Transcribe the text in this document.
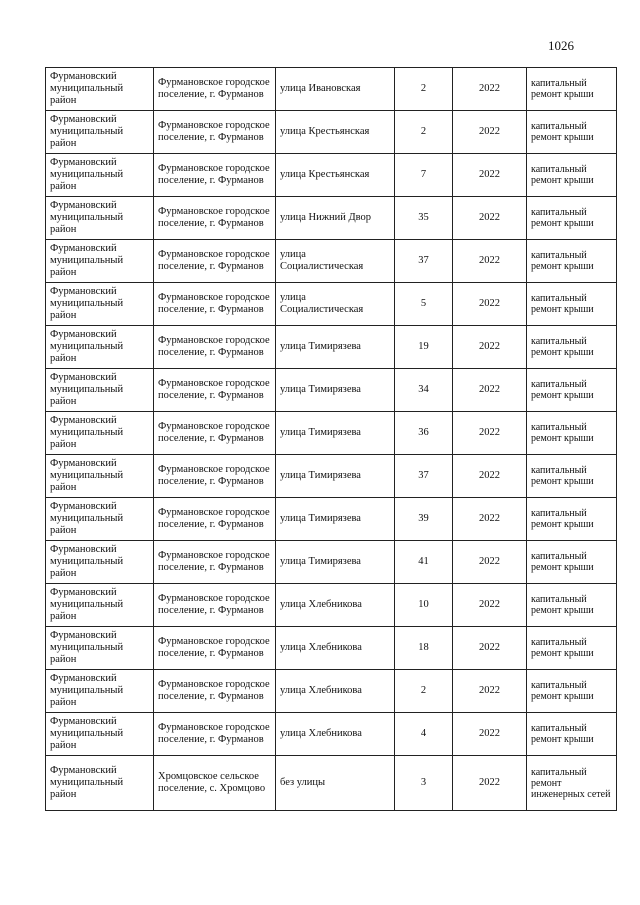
1026
Фурмановский муниципальный район	Фурмановское городское поселение, г. Фурманов	улица Ивановская	2	2022	капитальный ремонт крыши
Фурмановский муниципальный район	Фурмановское городское поселение, г. Фурманов	улица Крестьянская	2	2022	капитальный ремонт крыши
Фурмановский муниципальный район	Фурмановское городское поселение, г. Фурманов	улица Крестьянская	7	2022	капитальный ремонт крыши
Фурмановский муниципальный район	Фурмановское городское поселение, г. Фурманов	улица Нижний Двор	35	2022	капитальный ремонт крыши
Фурмановский муниципальный район	Фурмановское городское поселение, г. Фурманов	улица Социалистическая	37	2022	капитальный ремонт крыши
Фурмановский муниципальный район	Фурмановское городское поселение, г. Фурманов	улица Социалистическая	5	2022	капитальный ремонт крыши
Фурмановский муниципальный район	Фурмановское городское поселение, г. Фурманов	улица Тимирязева	19	2022	капитальный ремонт крыши
Фурмановский муниципальный район	Фурмановское городское поселение, г. Фурманов	улица Тимирязева	34	2022	капитальный ремонт крыши
Фурмановский муниципальный район	Фурмановское городское поселение, г. Фурманов	улица Тимирязева	36	2022	капитальный ремонт крыши
Фурмановский муниципальный район	Фурмановское городское поселение, г. Фурманов	улица Тимирязева	37	2022	капитальный ремонт крыши
Фурмановский муниципальный район	Фурмановское городское поселение, г. Фурманов	улица Тимирязева	39	2022	капитальный ремонт крыши
Фурмановский муниципальный район	Фурмановское городское поселение, г. Фурманов	улица Тимирязева	41	2022	капитальный ремонт крыши
Фурмановский муниципальный район	Фурмановское городское поселение, г. Фурманов	улица Хлебникова	10	2022	капитальный ремонт крыши
Фурмановский муниципальный район	Фурмановское городское поселение, г. Фурманов	улица Хлебникова	18	2022	капитальный ремонт крыши
Фурмановский муниципальный район	Фурмановское городское поселение, г. Фурманов	улица Хлебникова	2	2022	капитальный ремонт крыши
Фурмановский муниципальный район	Фурмановское городское поселение, г. Фурманов	улица Хлебникова	4	2022	капитальный ремонт крыши
Фурмановский муниципальный район	Хромцовское сельское поселение, с. Хромцово	без улицы	3	2022	капитальный ремонт инженерных сетей
